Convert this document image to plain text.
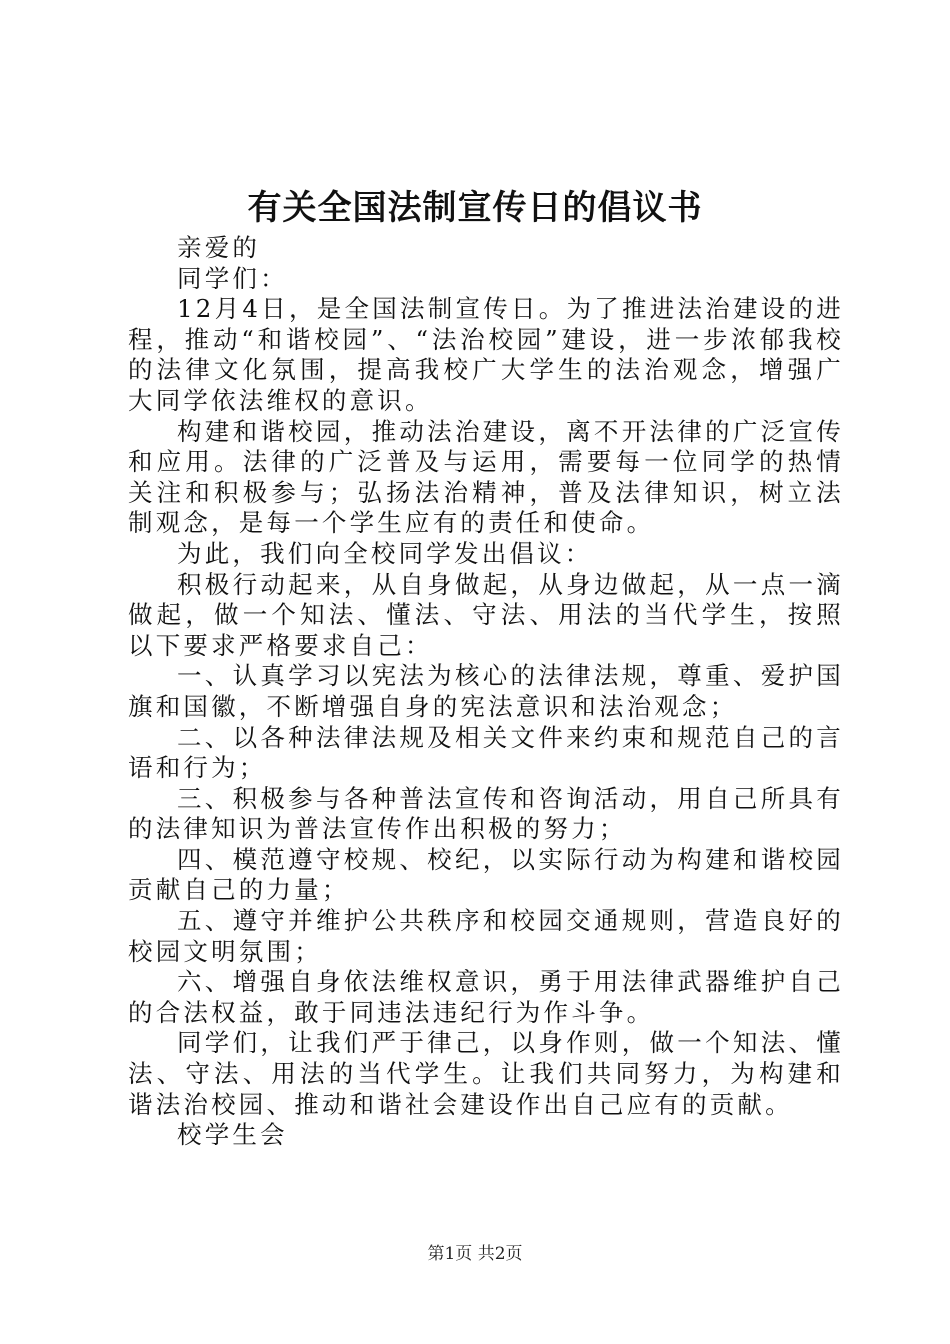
有关全国法制宣传日的倡议书

亲爱的

同学们：

12月4日，是全国法制宣传日。为了推进法治建设的进程，推动“和谐校园”、“法治校园”建设，进一步浓郁我校的法律文化氛围，提高我校广大学生的法治观念，增强广大同学依法维权的意识。

构建和谐校园，推动法治建设，离不开法律的广泛宣传和应用。法律的广泛普及与运用，需要每一位同学的热情关注和积极参与；弘扬法治精神，普及法律知识，树立法制观念，是每一个学生应有的责任和使命。

为此，我们向全校同学发出倡议：

积极行动起来，从自身做起，从身边做起，从一点一滴做起，做一个知法、懂法、守法、用法的当代学生，按照以下要求严格要求自己：

一、认真学习以宪法为核心的法律法规，尊重、爱护国旗和国徽，不断增强自身的宪法意识和法治观念；

二、以各种法律法规及相关文件来约束和规范自己的言语和行为；

三、积极参与各种普法宣传和咨询活动，用自己所具有的法律知识为普法宣传作出积极的努力；

四、模范遵守校规、校纪，以实际行动为构建和谐校园贡献自己的力量；

五、遵守并维护公共秩序和校园交通规则，营造良好的校园文明氛围；

六、增强自身依法维权意识，勇于用法律武器维护自己的合法权益，敢于同违法违纪行为作斗争。

同学们，让我们严于律己，以身作则，做一个知法、懂法、守法、用法的当代学生。让我们共同努力，为构建和谐法治校园、推动和谐社会建设作出自己应有的贡献。

校学生会

第1页 共2页
